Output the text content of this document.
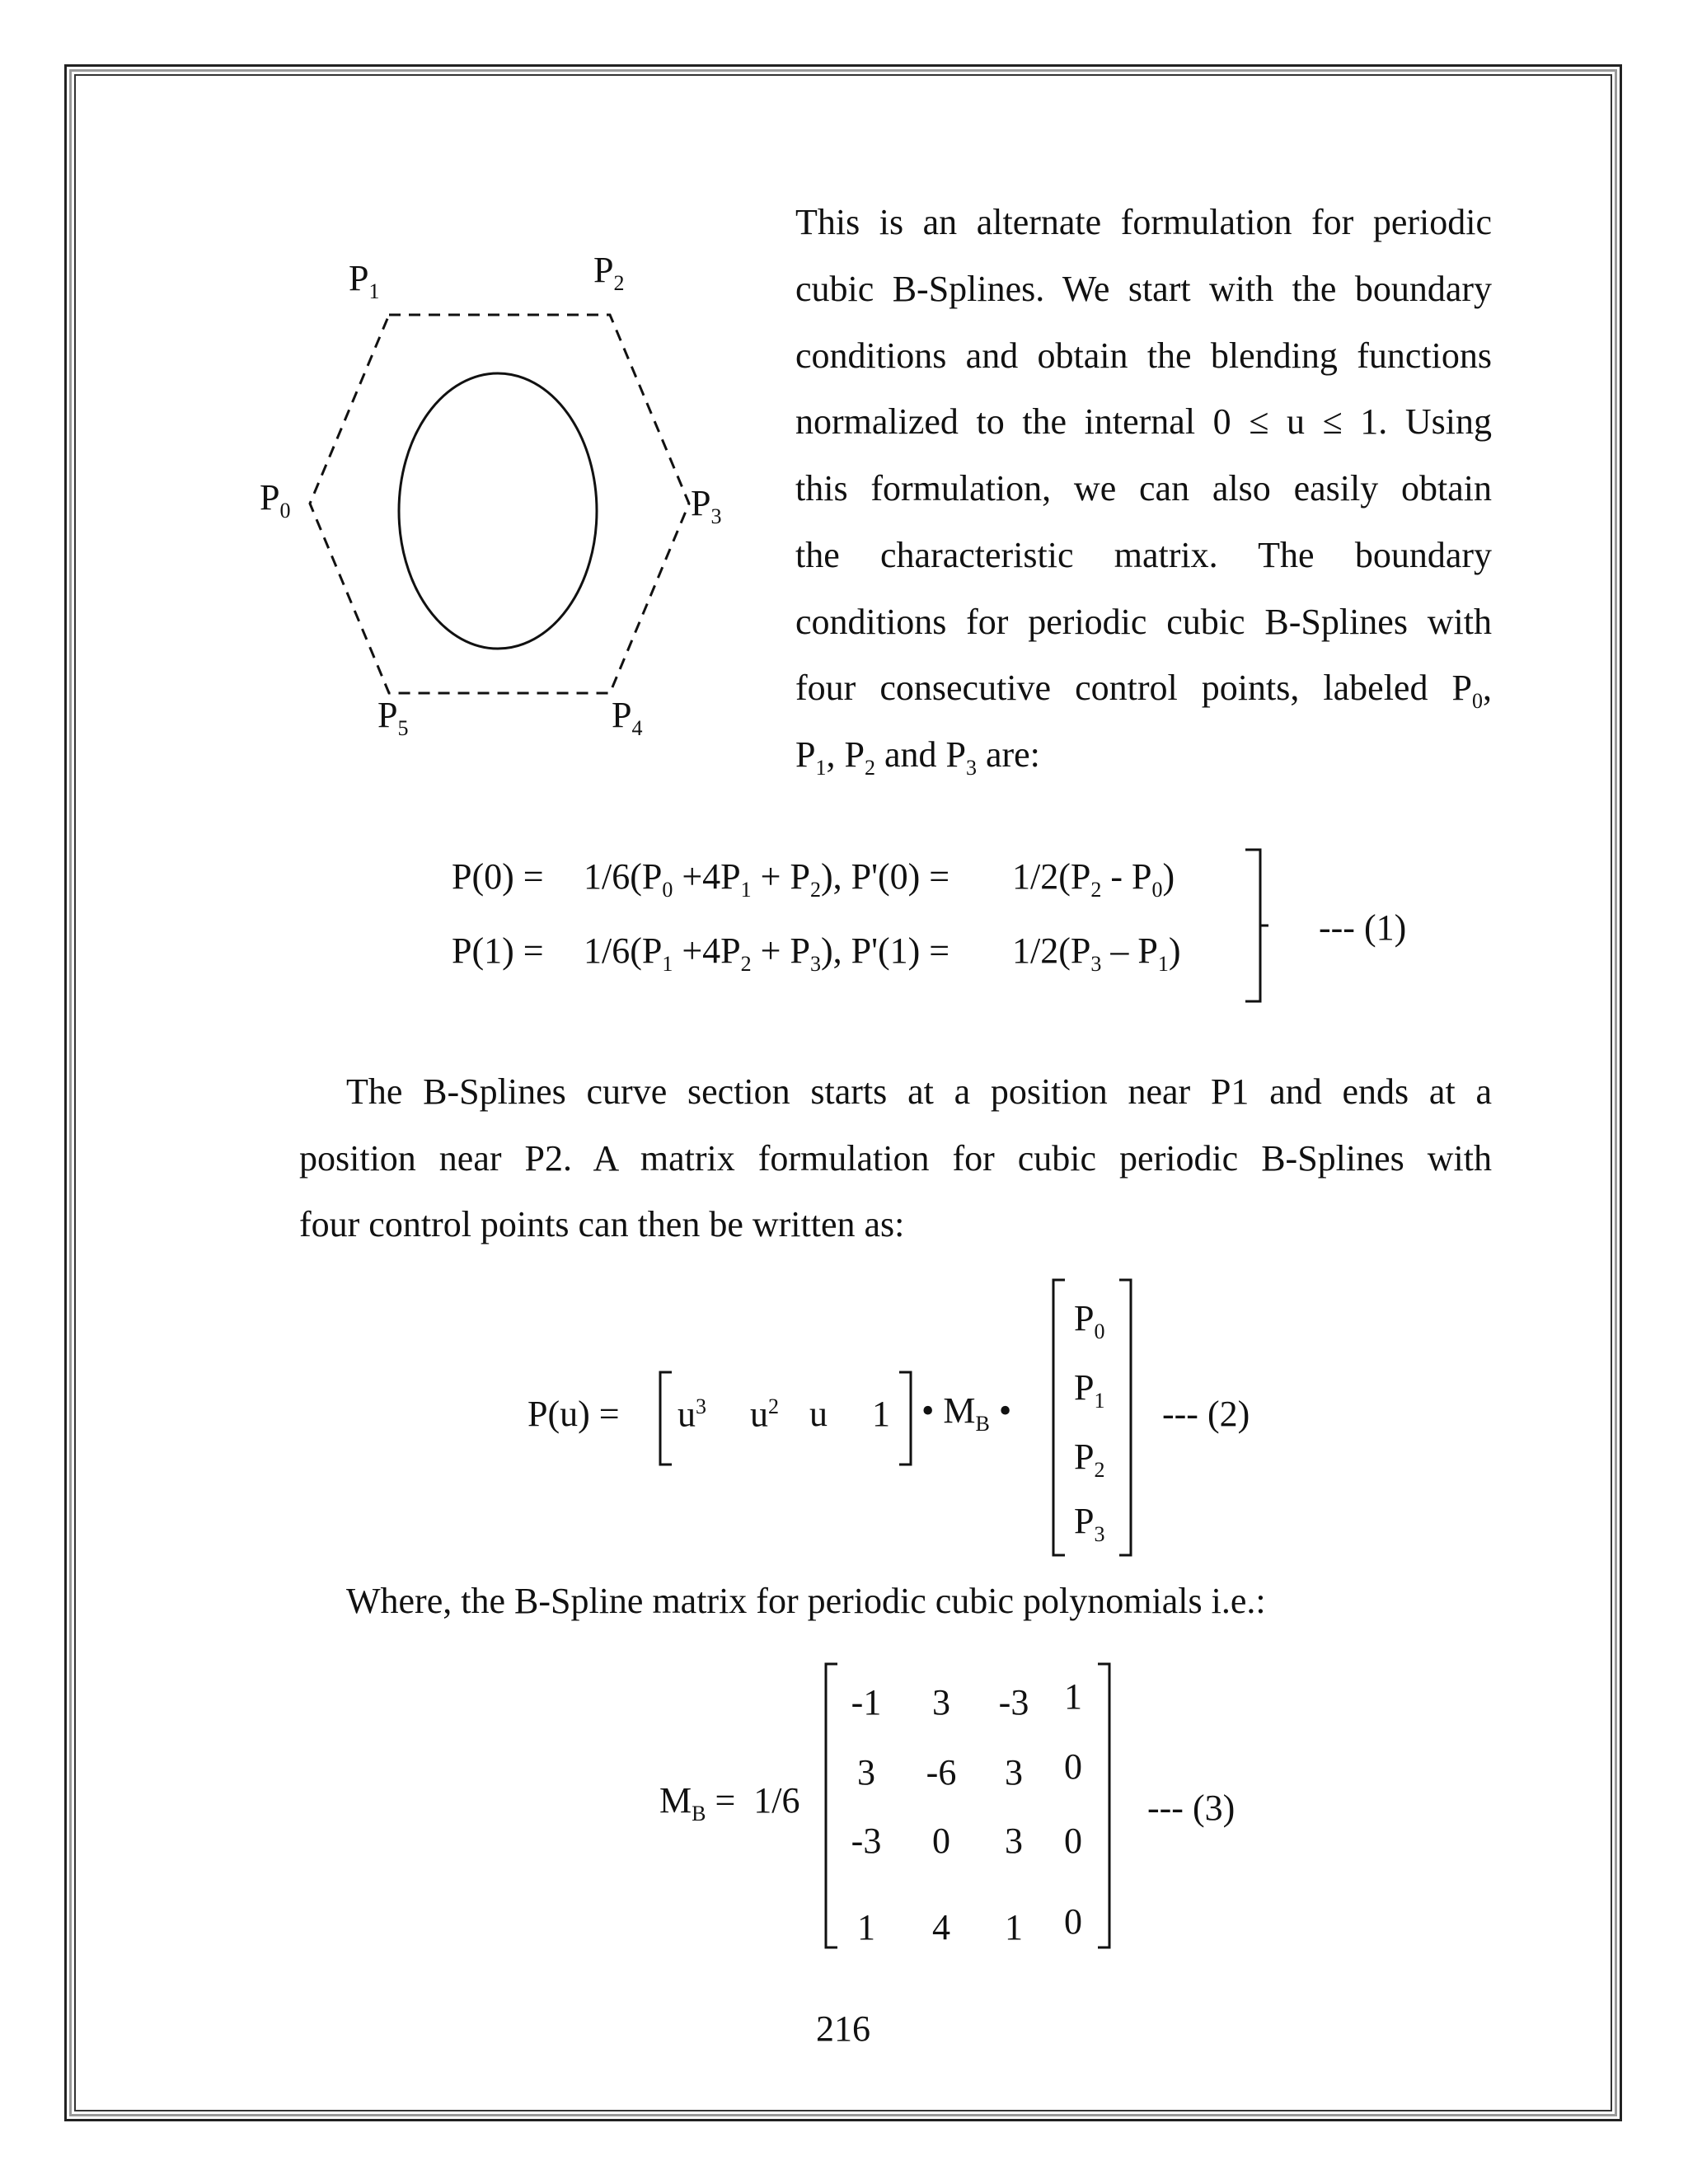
$P_1$
$P_2$
$P_0$	$P_3$
$P_5$	$P_4$
This is an alternate formulation for periodic
cubic B-Splines. We start with the boundary
conditions and obtain the blending functions
normalized to the internal 0 ≤ u ≤ 1. Using
this formulation, we can also easily obtain
the characteristic matrix. The boundary
conditions for periodic cubic B-Splines with
four consecutive control points, labeled $P_0$,
$P_1$, $P_2$ and $P_3$ are:
$P(0) = 1/6(P_0 +4P_1 + P_2)$, $P'(0) = 1/2(P_2 - P_0)$
$P(1) = 1/6(P_1 +4P_2 + P_3)$, $P'(1) = 1/2(P_3 - P_1)$
--- (1)
The B-Splines curve section starts at a position near P1 and ends at a
position near P2. A matrix formulation for cubic periodic B-Splines with
four control points can then be written as:
$P(u) = u^3$ $u^2$ u 1 • $M_B$ •
$P_0$
$P_1$
$P_2$
$P_3$
--- (2)
Where, the B-Spline matrix for periodic cubic polynomials i.e.:
$M_B = 1/6$
-1	3	-3 1
3	-6	3	0
-3	0	3	0
1	4	1	0
--- (3)
216
